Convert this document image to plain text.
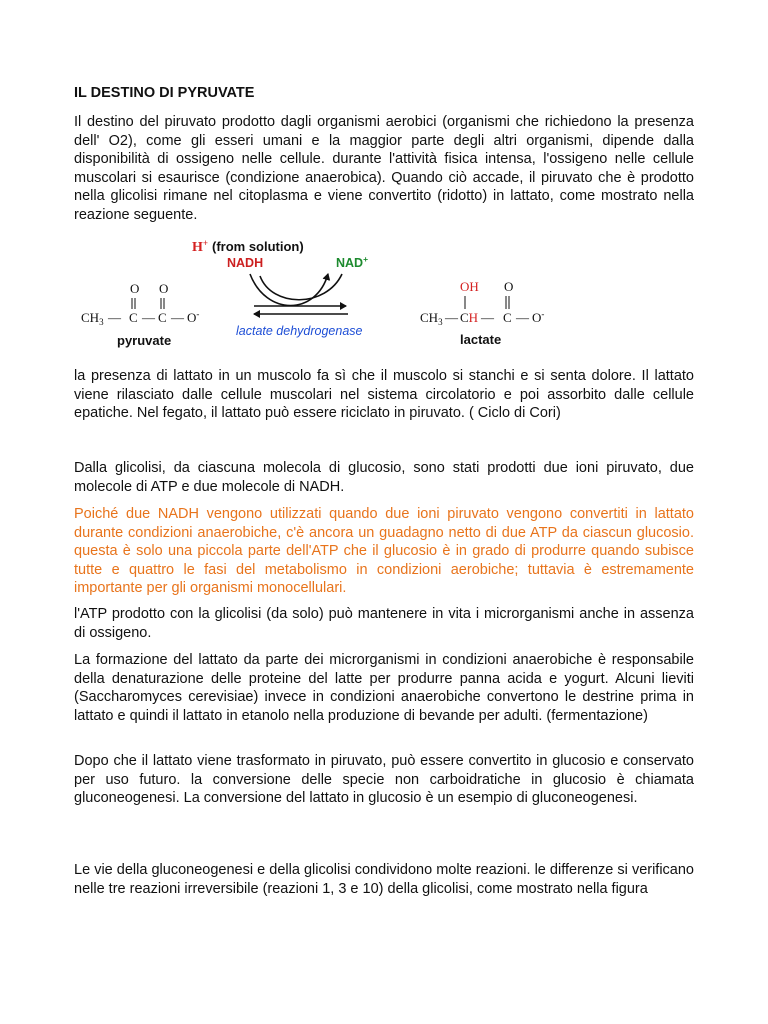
IL DESTINO DI PYRUVATE

Il destino del piruvato prodotto dagli organismi aerobici (organismi che richiedono la presenza dell' O2), come gli esseri umani e la maggior parte degli altri organismi, dipende dalla disponibilità di ossigeno nelle cellule. durante l'attività fisica intensa, l'ossigeno nelle cellule muscolari si esaurisce (condizione anaerobica). Quando ciò accade, il piruvato che è prodotto nella glicolisi rimane nel citoplasma e viene convertito (ridotto) in lattato, come mostrato nella reazione seguente.

O O
$CH_3$ — C — C — O-
pyruvate
H+ (from solution)
NADH	NAD+
lactate dehydrogenase
OH O
$CH_3$ — CH — C — O-
lactate

la presenza di lattato in un muscolo fa sì che il muscolo si stanchi e si senta dolore. Il lattato viene rilasciato dalle cellule muscolari nel sistema circolatorio e poi assorbito dalle cellule epatiche. Nel fegato, il lattato può essere riciclato in piruvato. ( Ciclo di Cori)

Dalla glicolisi, da ciascuna molecola di glucosio, sono stati prodotti due ioni piruvato, due molecole di ATP e due molecole di NADH.

Poiché due NADH vengono utilizzati quando due ioni piruvato vengono convertiti in lattato durante condizioni anaerobiche, c'è ancora un guadagno netto di due ATP da ciascun glucosio. questa è solo una piccola parte dell'ATP che il glucosio è in grado di produrre quando subisce tutte e quattro le fasi del metabolismo in condizioni aerobiche; tuttavia è estremamente importante per gli organismi monocellulari.

l'ATP prodotto con la glicolisi (da solo) può mantenere in vita i microrganismi anche in assenza di ossigeno.

La formazione del lattato da parte dei microrganismi in condizioni anaerobiche è responsabile della denaturazione delle proteine del latte per produrre panna acida e yogurt. Alcuni lieviti (Saccharomyces cerevisiae) invece in condizioni anaerobiche convertono le destrine prima in lattato e quindi il lattato in etanolo nella produzione di bevande per adulti. (fermentazione)

Dopo che il lattato viene trasformato in piruvato, può essere convertito in glucosio e conservato per uso futuro. la conversione delle specie non carboidratiche in glucosio è chiamata gluconeogenesi. La conversione del lattato in glucosio è un esempio di gluconeogenesi.

Le vie della gluconeogenesi e della glicolisi condividono molte reazioni. le differenze si verificano nelle tre reazioni irreversibile (reazioni 1, 3 e 10) della glicolisi, come mostrato nella figura
